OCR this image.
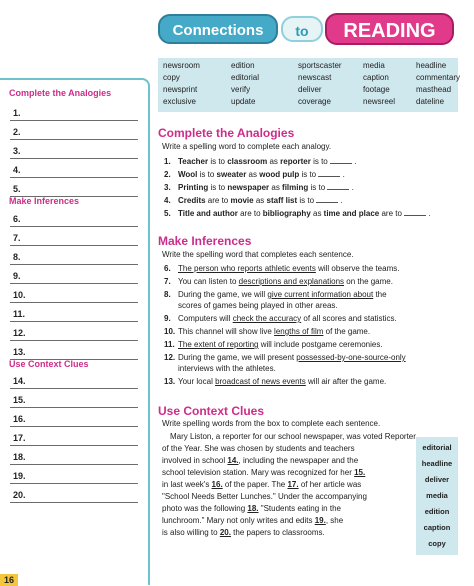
Connections	to	READING
newsroom	edition	sportscaster	media	headline
copy	editorial	newscast	caption	commentary
newsprint	verify	deliver	footage	masthead
exclusive	update	coverage	newsreel	dateline
Complete the Analogies
1.
2.
3.
4.
5.
Make Inferences
6.
7.
8.
9.
10.
11.
12.
13.
Use Context Clues
14.
15.
16.
17.
18.
19.
20.
16
Complete the Analogies
Write a spelling word to complete each analogy.
1. Teacher is to classroom as reporter is to	.
2. Wool is to sweater as wood pulp is to	.
3. Printing is to newspaper as filming is to	.
4. Credits are to movie as staff list is to	.
5. Title and author are to bibliography as time and place are to	.
Make Inferences
Write the spelling word that completes each sentence.
6. The person who reports athletic events will observe the teams.
7. You can listen to descriptions and explanations on the game.
8. During the game, we will give current information about the
scores of games being played in other areas.
9. Computers will check the accuracy of all scores and statistics.
10. This channel will show live lengths of film of the game.
11. The extent of reporting will include postgame ceremonies.
12. During the game, we will present possessed-by-one-source-only
interviews with the athletes.
13. Your local broadcast of news events will air after the game.
Use Context Clues
Write spelling words from the box to complete each sentence.
Mary Liston, a reporter for our school newspaper, was voted Reporter
of the Year. She was chosen by students and teachers
involved in school 14., including the newspaper and the
school television station. Mary was recognized for her 15.
in last week's 16. of the paper. The 17. of her article was
"School Needs Better Lunches." Under the accompanying
photo was the following 18. "Students eating in the
lunchroom." Mary not only writes and edits 19., she
is also willing to 20. the papers to classrooms.
editorial
headline
deliver
media
edition
caption
copy
